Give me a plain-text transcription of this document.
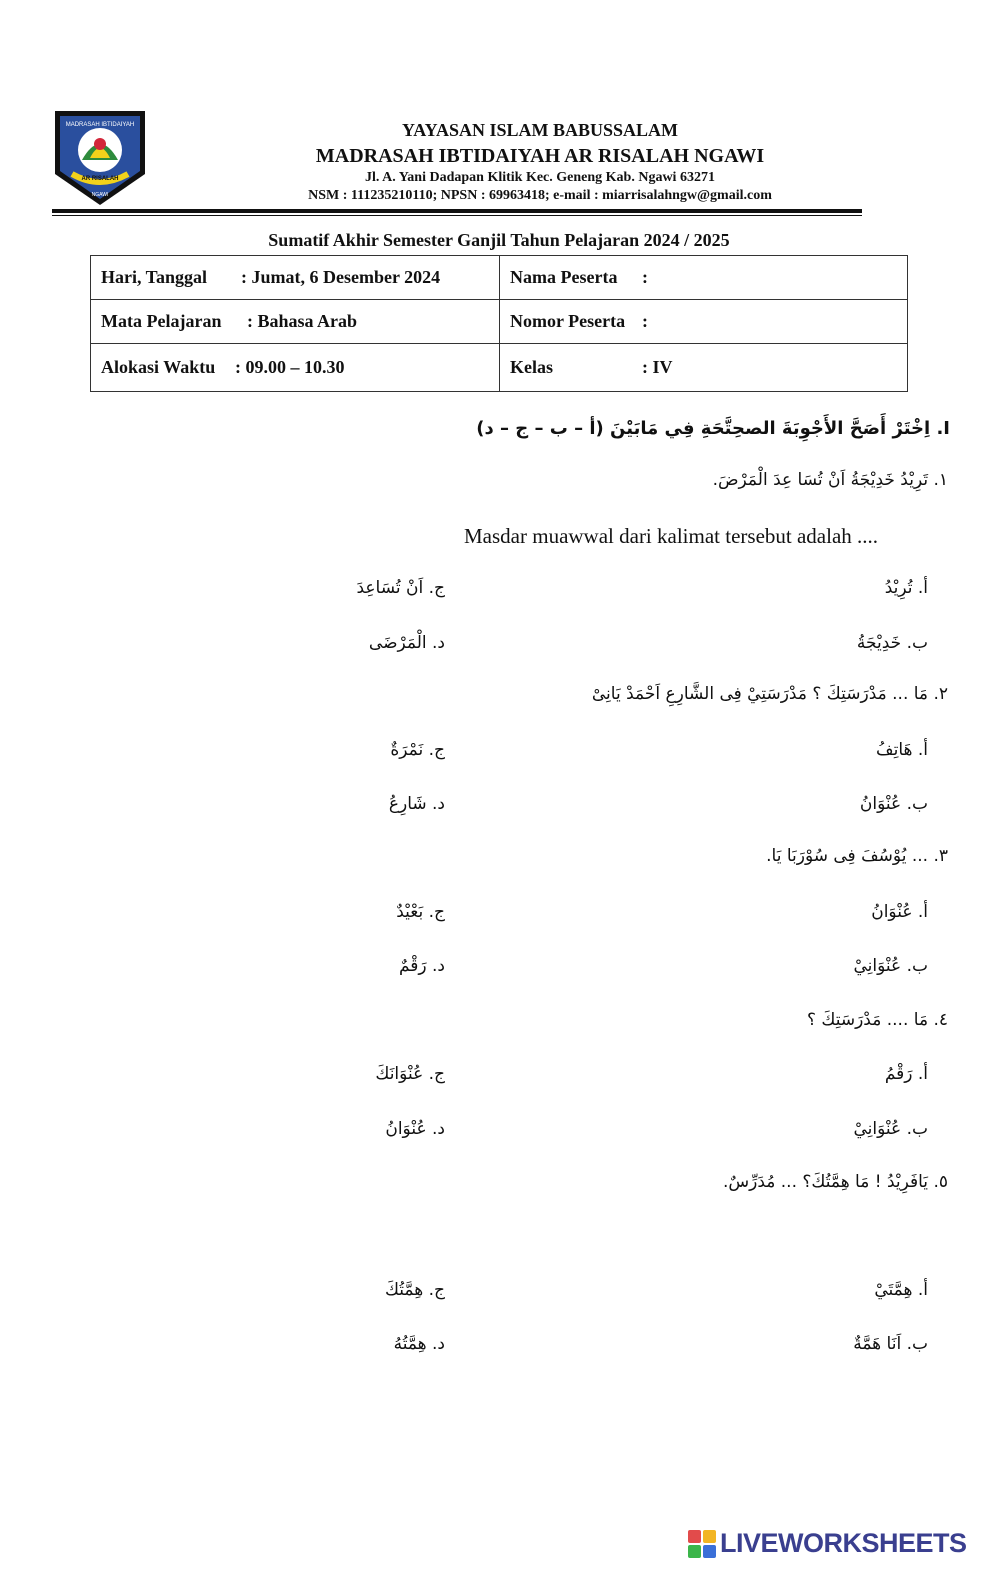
MADRASAH IBTIDAIYAH
AR RISALAH
NGAWI
YAYASAN ISLAM BABUSSALAM
MADRASAH IBTIDAIYAH AR RISALAH NGAWI
Jl. A. Yani Dadapan Klitik Kec. Geneng Kab. Ngawi 63271
NSM : 111235210110; NPSN : 69963418; e-mail : miarrisalahngw@gmail.com
Sumatif Akhir Semester Ganjil Tahun Pelajaran 2024 / 2025
Hari, Tanggal : Jumat, 6 Desember 2024	Nama Peserta :
Mata Pelajaran : Bahasa Arab	Nomor Peserta :
Alokasi Waktu : 09.00 – 10.30	Kelas : IV
I. اِخْتَرْ أَصَحَّ الأَجْوِبَةَ الصحِتَّحَةِ فِي مَابَيْنَ (أ – ب – ج – د)
١. تَرِيْدُ خَدِيْجَةُ اَنْ تُسَا عِدَ الْمَرْضَ.
Masdar muawwal dari kalimat tersebut adalah ....
أ. تُرِيْدُ
ج. اَنْ تُسَاعِدَ
ب. خَدِيْجَةُ
د. الْمَرْضَى
٢. مَا ... مَدْرَسَتِكَ ؟ مَدْرَسَتِيْ فِى الشَّارِعِ اَحْمَدْ يَانِىْ
أ. هَاتِفُ
ج. نَمْرَةٌ
ب. عُنْوَانُ
د. شَارِعُ
٣. ... يُوْسُفَ فِى سُوْرَبَا يَا.
أ. عُنْوَانُ
ج. بَعْيْدٌ
ب. عُنْوَانِيْ
د. رَقْمٌ
٤. مَا .... مَدْرَسَتِكَ ؟
أ. رَقْمُ
ج. عُنْوَانَكَ
ب. عُنْوَانِيْ
د. عُنْوَانُ
٥. يَافَرِيْدُ ! مَا هِمَّتُكَ؟ ... مُدَرِّسٌ.
أ. هِمَّتَيْ
ج. هِمَّتُكَ
ب. اَنَا هَمَّةٌ
د. هِمَّتُهُ
LIVEWORKSHEETS
